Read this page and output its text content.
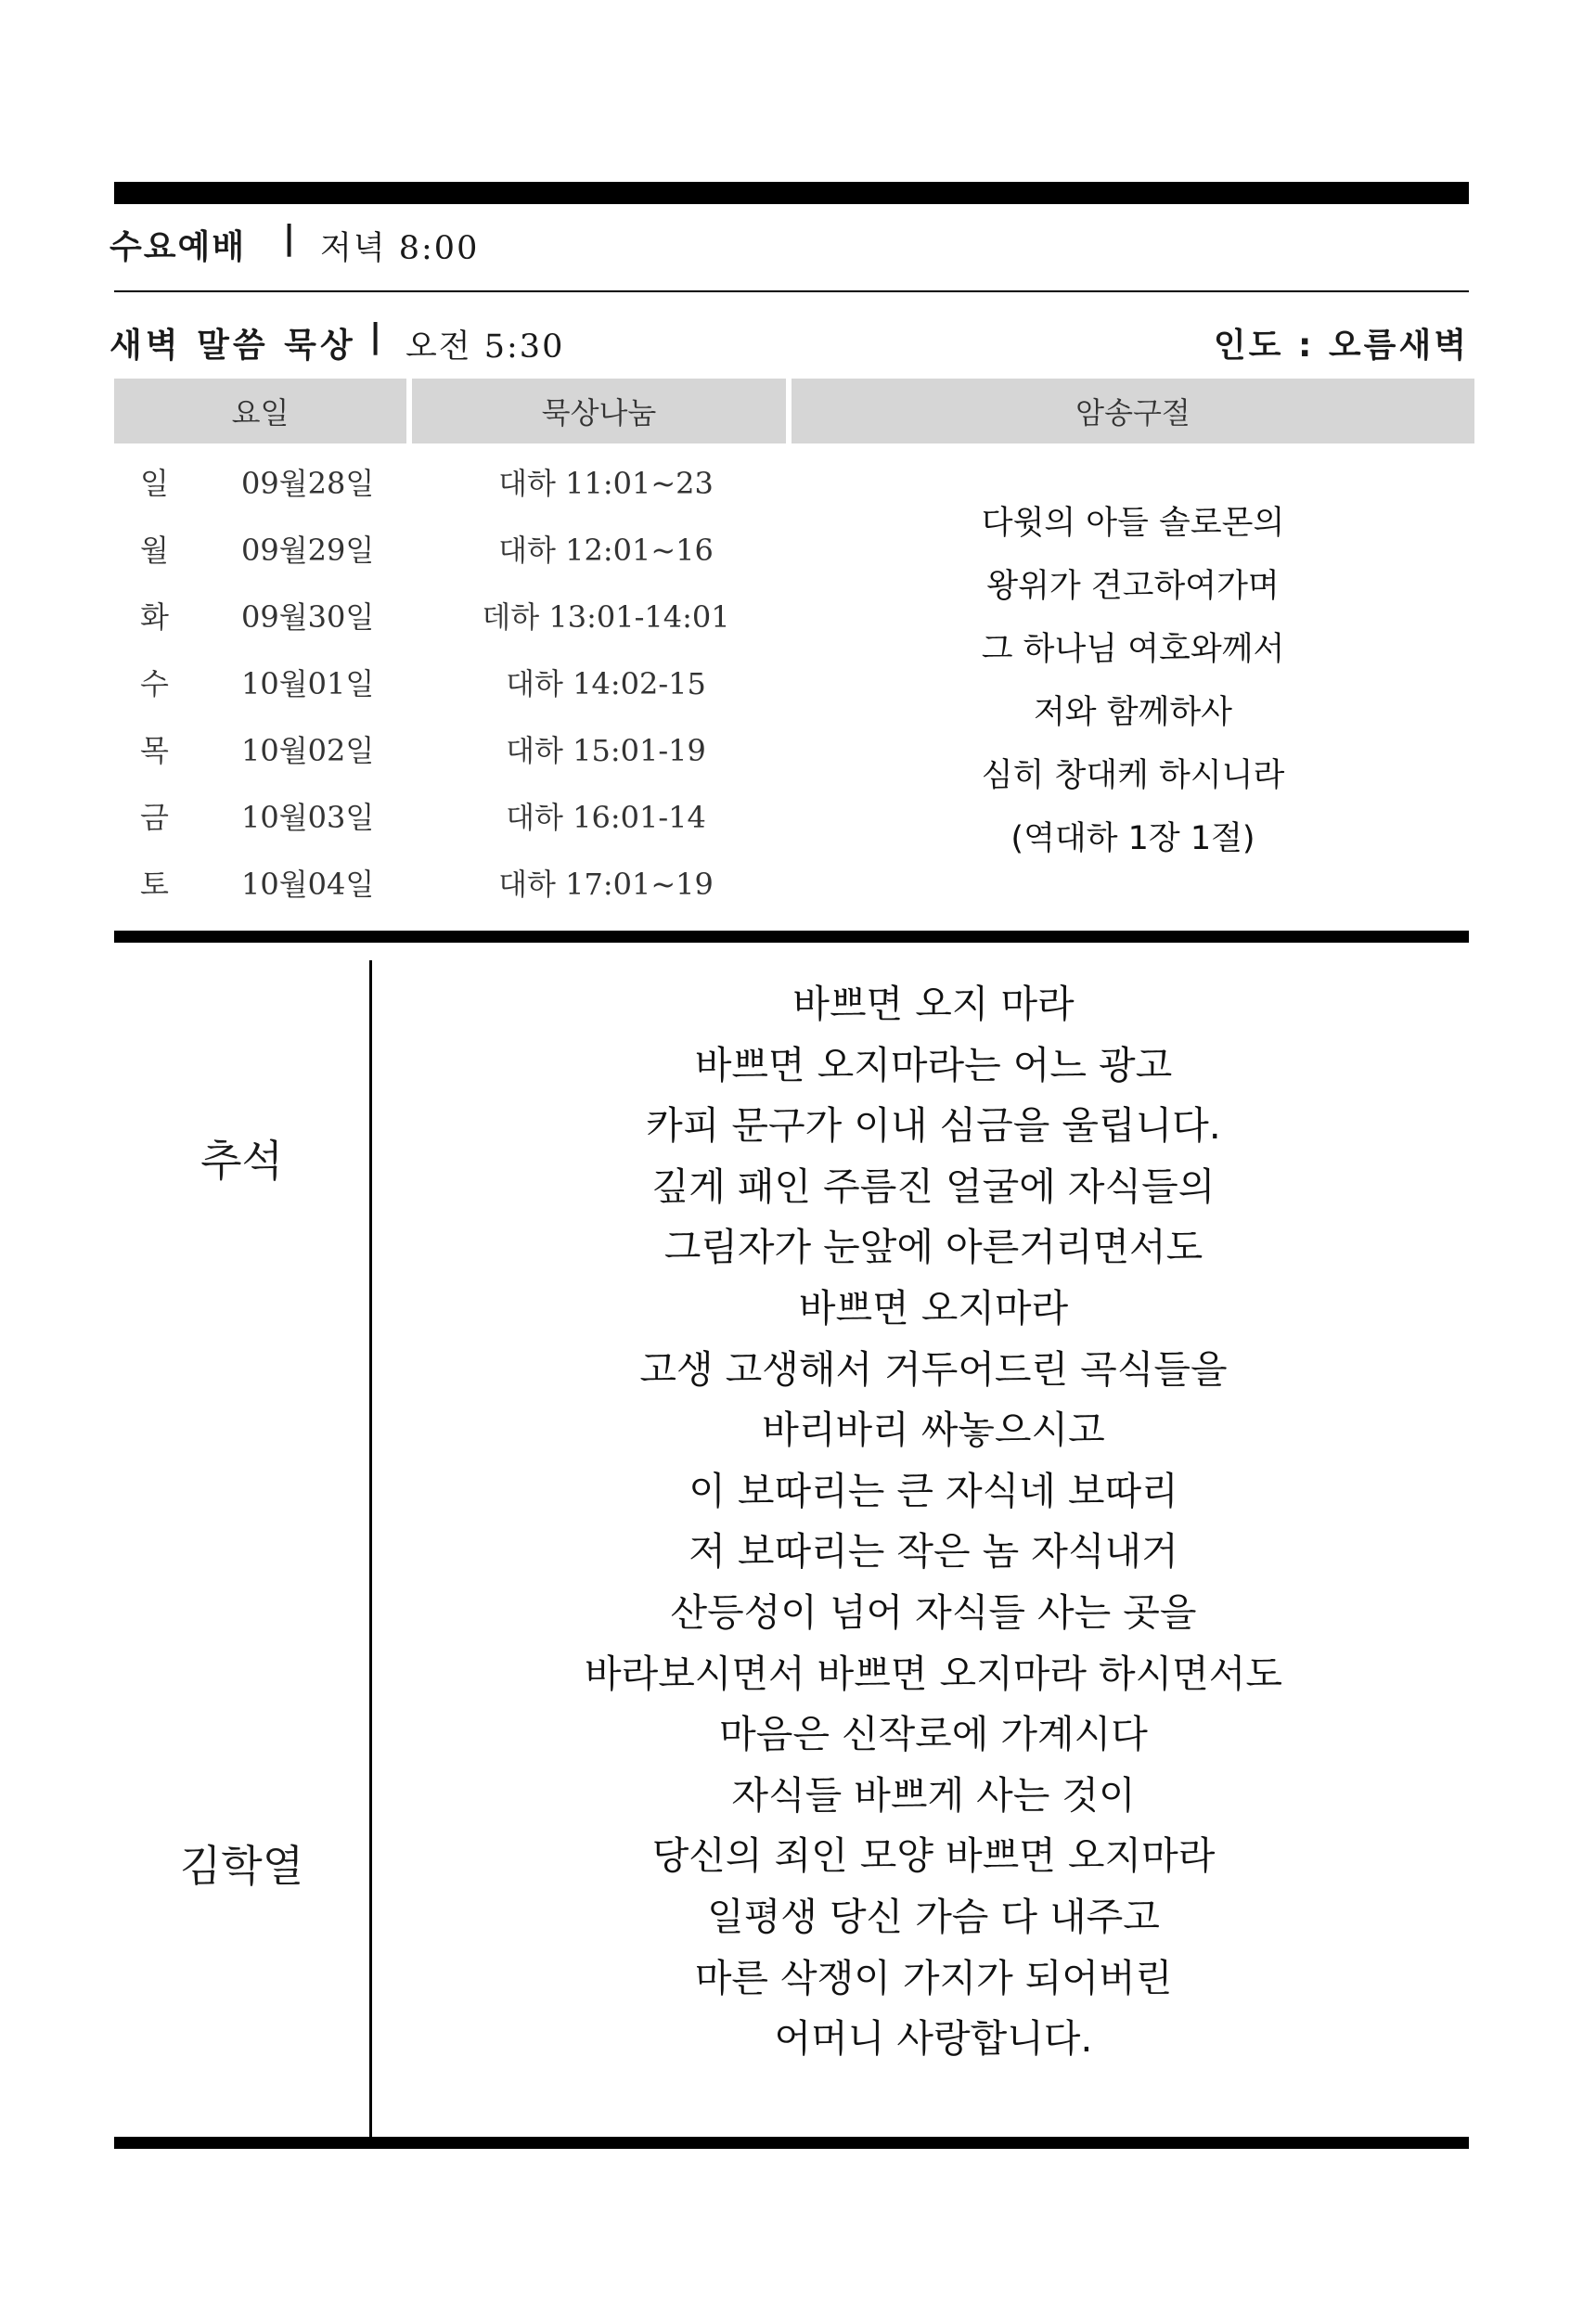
수요예배 | 저녁 8:00
새벽 말씀 묵상 | 오전 5:30	인도 : 오름새벽
요일	묵상나눔	암송구절
일 09월28일	대하 11:01~23
월 09월29일	대하 12:01~16
화 09월30일	데하 13:01-14:01
수 10월01일	대하 14:02-15
목 10월02일	대하 15:01-19
금 10월03일	대하 16:01-14
토 10월04일	대하 17:01~19
다윗의 아들 솔로몬의
왕위가 견고하여가며
그 하나님 여호와께서
저와 함께하사
심히 창대케 하시니라
(역대하 1장 1절)
추석
김학열
바쁘면 오지 마라
바쁘면 오지마라는 어느 광고
카피 문구가 이내 심금을 울립니다.
깊게 패인 주름진 얼굴에 자식들의
그림자가 눈앞에 아른거리면서도
바쁘면 오지마라
고생 고생해서 거두어드린 곡식들을
바리바리 싸놓으시고
이 보따리는 큰 자식네 보따리
저 보따리는 작은 놈 자식내거
산등성이 넘어 자식들 사는 곳을
바라보시면서 바쁘면 오지마라 하시면서도
마음은 신작로에 가계시다
자식들 바쁘게 사는 것이
당신의 죄인 모양 바쁘면 오지마라
일평생 당신 가슴 다 내주고
마른 삭쟁이 가지가 되어버린
어머니 사랑합니다.
